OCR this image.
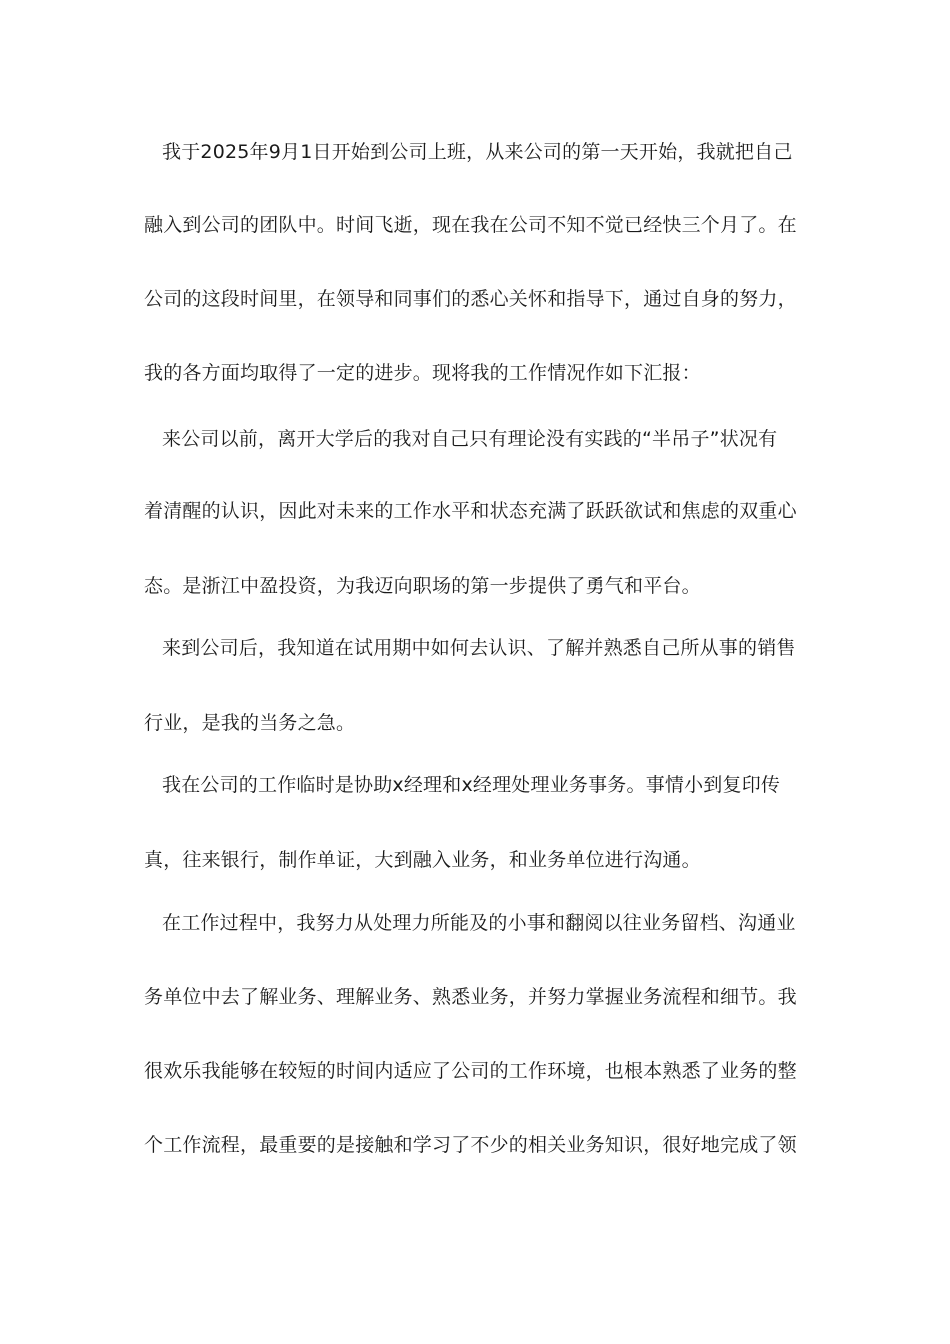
我于2025年9月1日开始到公司上班，从来公司的第一天开始，我就把自己
融入到公司的团队中。时间飞逝，现在我在公司不知不觉已经快三个月了。在
公司的这段时间里，在领导和同事们的悉心关怀和指导下，通过自身的努力，
我的各方面均取得了一定的进步。现将我的工作情况作如下汇报：
来公司以前，离开大学后的我对自己只有理论没有实践的“半吊子”状况有
着清醒的认识，因此对未来的工作水平和状态充满了跃跃欲试和焦虑的双重心
态。是浙江中盈投资，为我迈向职场的第一步提供了勇气和平台。
来到公司后，我知道在试用期中如何去认识、了解并熟悉自己所从事的销售
行业，是我的当务之急。
我在公司的工作临时是协助x经理和x经理处理业务事务。事情小到复印传
真，往来银行，制作单证，大到融入业务，和业务单位进行沟通。
在工作过程中，我努力从处理力所能及的小事和翻阅以往业务留档、沟通业
务单位中去了解业务、理解业务、熟悉业务，并努力掌握业务流程和细节。我
很欢乐我能够在较短的时间内适应了公司的工作环境，也根本熟悉了业务的整
个工作流程，最重要的是接触和学习了不少的相关业务知识，很好地完成了领
